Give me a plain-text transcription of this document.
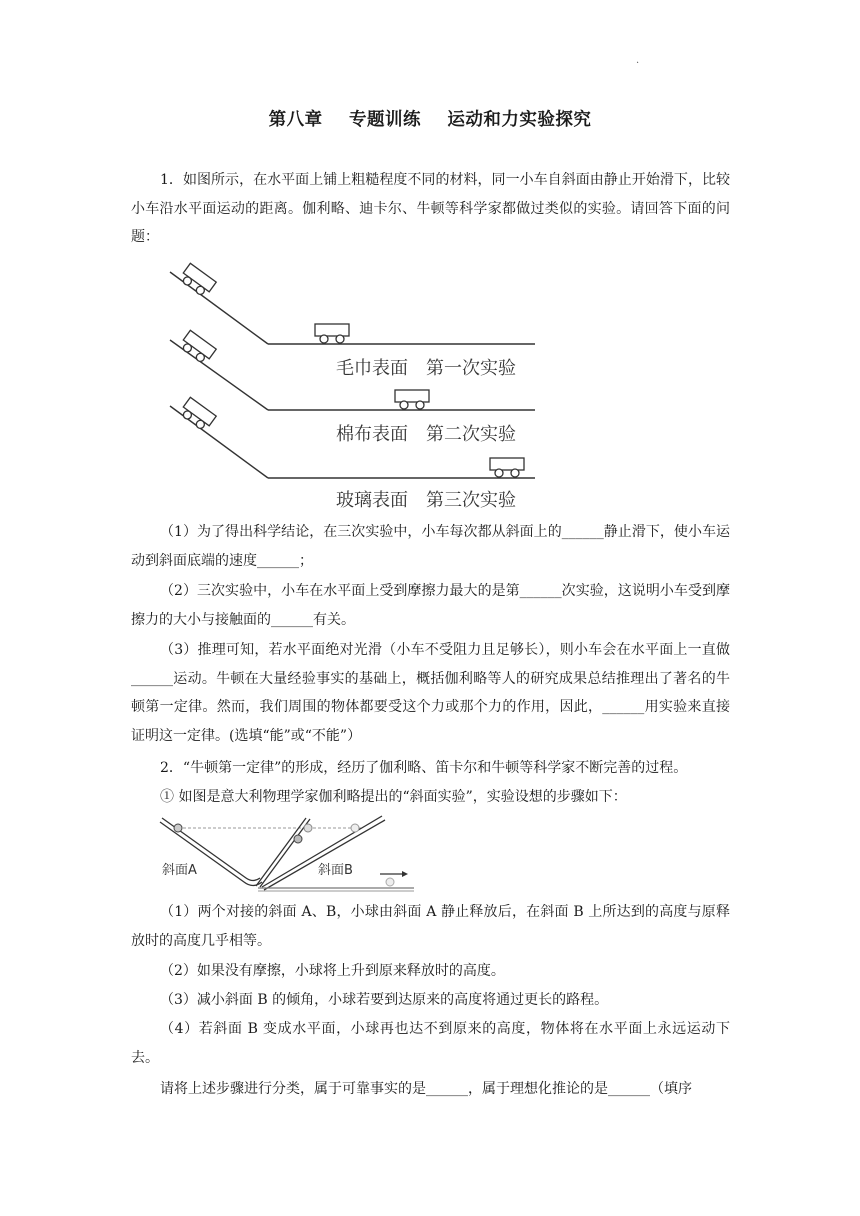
·
第八章 专题训练 运动和力实验探究

1．如图所示，在水平面上铺上粗糙程度不同的材料，同一小车自斜面由静止开始滑下，比较小车沿水平面运动的距离。伽利略、迪卡尔、牛顿等科学家都做过类似的实验。请回答下面的问题：

毛巾表面　第一次实验
棉布表面　第二次实验
玻璃表面　第三次实验

（1）为了得出科学结论，在三次实验中，小车每次都从斜面上的______静止滑下，使小车运动到斜面底端的速度______；

（2）三次实验中，小车在水平面上受到摩擦力最大的是第______次实验，这说明小车受到摩擦力的大小与接触面的______有关。

（3）推理可知，若水平面绝对光滑（小车不受阻力且足够长），则小车会在水平面上一直做______运动。牛顿在大量经验事实的基础上，概括伽利略等人的研究成果总结推理出了著名的牛顿第一定律。然而，我们周围的物体都要受这个力或那个力的作用，因此，______用实验来直接证明这一定律。(选填“能”或“不能”）

2．“牛顿第一定律”的形成，经历了伽利略、笛卡尔和牛顿等科学家不断完善的过程。

① 如图是意大利物理学家伽利略提出的“斜面实验”，实验设想的步骤如下：

斜面A	斜面B

（1）两个对接的斜面 A、B，小球由斜面 A 静止释放后，在斜面 B 上所达到的高度与原释放时的高度几乎相等。

（2）如果没有摩擦，小球将上升到原来释放时的高度。

（3）减小斜面 B 的倾角，小球若要到达原来的高度将通过更长的路程。

（4）若斜面 B 变成水平面，小球再也达不到原来的高度，物体将在水平面上永远运动下去。

请将上述步骤进行分类，属于可靠事实的是______，属于理想化推论的是______（填序
